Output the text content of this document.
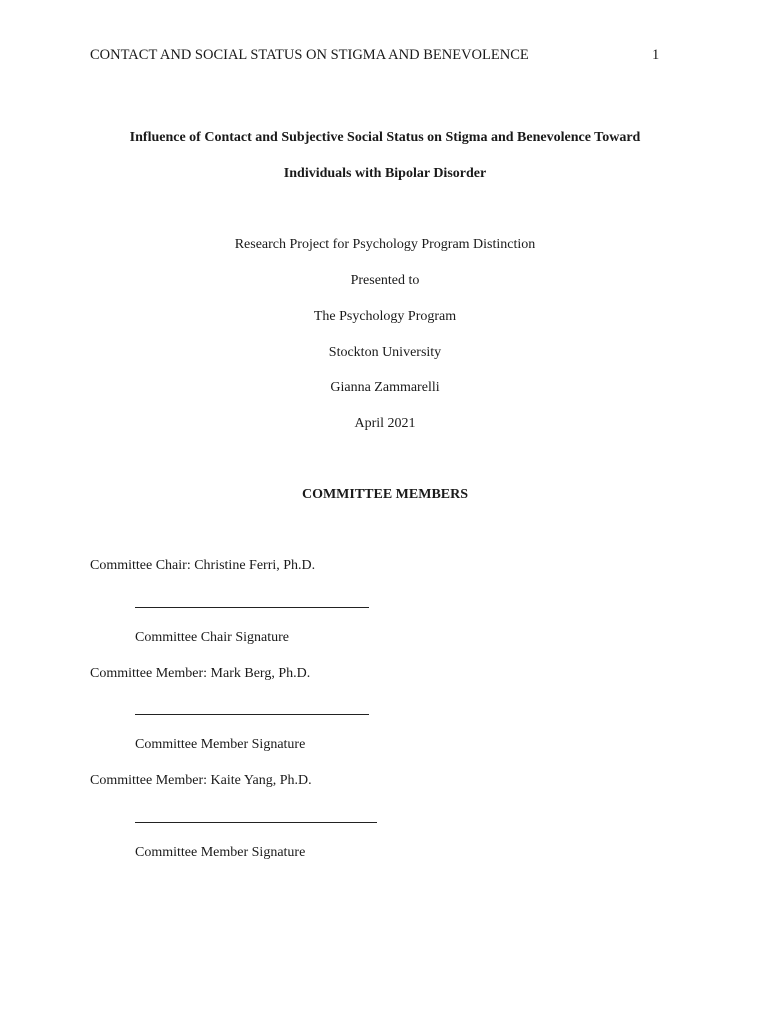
CONTACT AND SOCIAL STATUS ON STIGMA AND BENEVOLENCE	1
Influence of Contact and Subjective Social Status on Stigma and Benevolence Toward
Individuals with Bipolar Disorder
Research Project for Psychology Program Distinction
Presented to
The Psychology Program
Stockton University
Gianna Zammarelli
April 2021
COMMITTEE MEMBERS
Committee Chair: Christine Ferri, Ph.D.
Committee Chair Signature
Committee Member: Mark Berg, Ph.D.
Committee Member Signature
Committee Member: Kaite Yang, Ph.D.
Committee Member Signature
